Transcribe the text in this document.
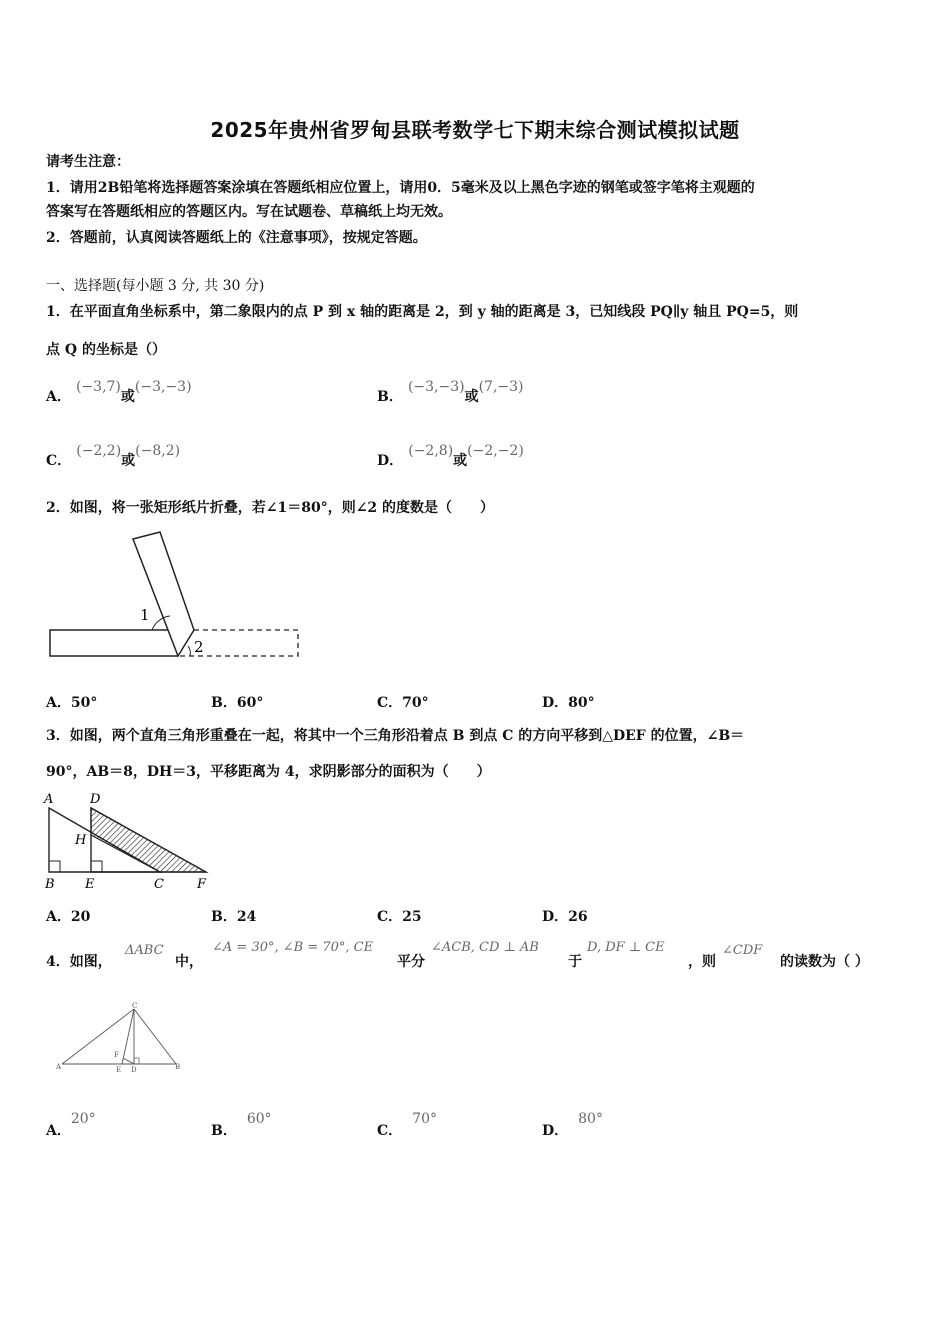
2025年贵州省罗甸县联考数学七下期末综合测试模拟试题
请考生注意：
1．请用2B铅笔将选择题答案涂填在答题纸相应位置上，请用0．5毫米及以上黑色字迹的钢笔或签字笔将主观题的
答案写在答题纸相应的答题区内。写在试题卷、草稿纸上均无效。
2．答题前，认真阅读答题纸上的《注意事项》，按规定答题。
一、选择题(每小题 3 分, 共 30 分)
1．在平面直角坐标系中，第二象限内的点 P 到 x 轴的距离是 2，到 y 轴的距离是 3，已知线段 PQ∥y 轴且 PQ=5，则
点 Q 的坐标是（）
A． (−3,7)或(−3,−3)
B． (−3,−3)或(7,−3)
C． (−2,2)或(−8,2)
D． (−2,8)或(−2,−2)
2．如图，将一张矩形纸片折叠，若∠1＝80°，则∠2 的度数是（　　）
1
2
A．50°	B．60°	C．70°	D．80°
3．如图，两个直角三角形重叠在一起，将其中一个三角形沿着点 B 到点 C 的方向平移到△DEF 的位置，∠B＝
90°，AB＝8，DH＝3，平移距离为 4，求阴影部分的面积为（　　）
A	D
H
B E	C	F
A．20	B．24	C．25	D．26
4．如图，
ΔABC
中，
∠A = 30°, ∠B = 70°, CE
平分
∠ACB, CD ⊥ AB
于
D, DF ⊥ CE
，则
∠CDF
的读数为（ ）
C
F
A	E D	B
A．20°
B．60°
C．70°
D．80°
